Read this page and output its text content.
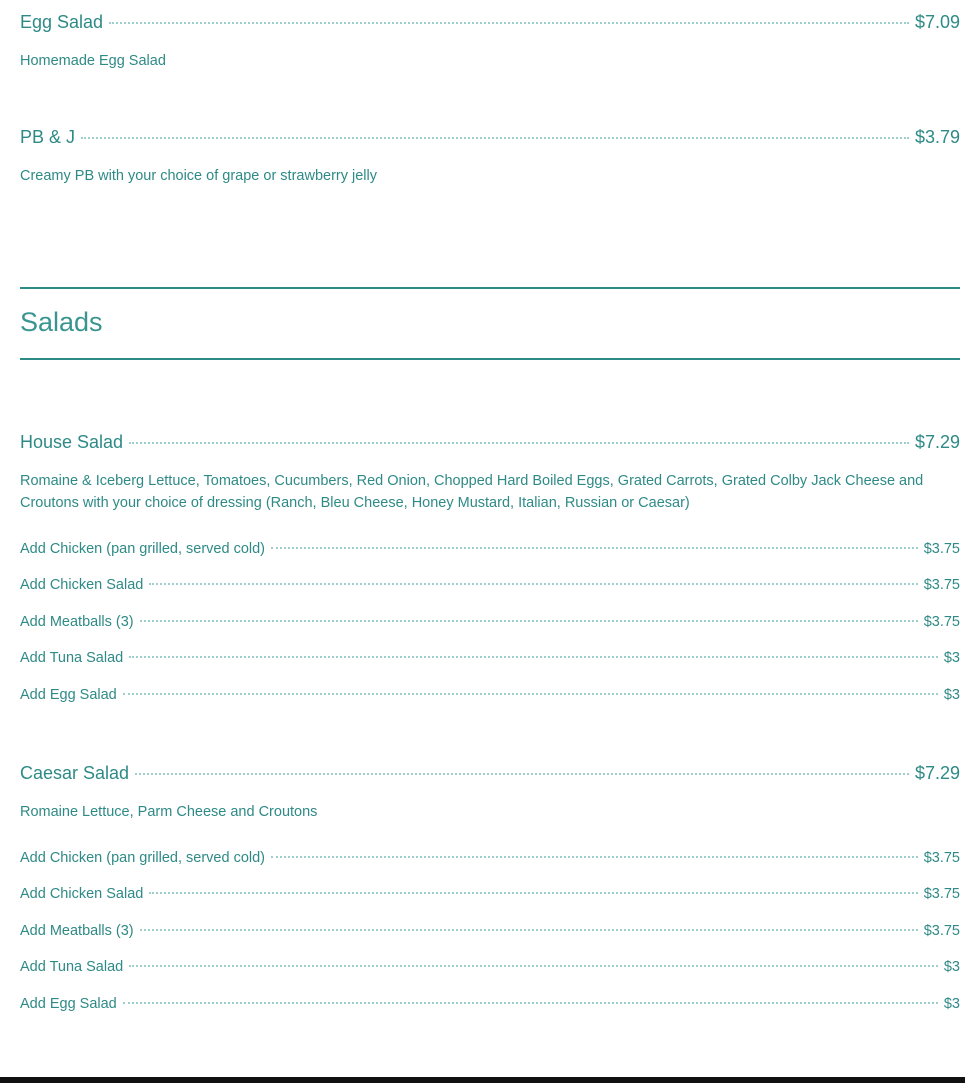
Egg Salad	$7.09
Homemade Egg Salad
PB & J	$3.79
Creamy PB with your choice of grape or strawberry jelly
Salads
House Salad	$7.29
Romaine & Iceberg Lettuce, Tomatoes, Cucumbers, Red Onion, Chopped Hard Boiled Eggs, Grated Carrots, Grated Colby Jack Cheese and Croutons with your choice of dressing (Ranch, Bleu Cheese, Honey Mustard, Italian, Russian or Caesar)
Add Chicken (pan grilled, served cold)	$3.75
Add Chicken Salad	$3.75
Add Meatballs (3)	$3.75
Add Tuna Salad	$3
Add Egg Salad	$3
Caesar Salad	$7.29
Romaine Lettuce, Parm Cheese and Croutons
Add Chicken (pan grilled, served cold)	$3.75
Add Chicken Salad	$3.75
Add Meatballs (3)	$3.75
Add Tuna Salad	$3
Add Egg Salad	$3
